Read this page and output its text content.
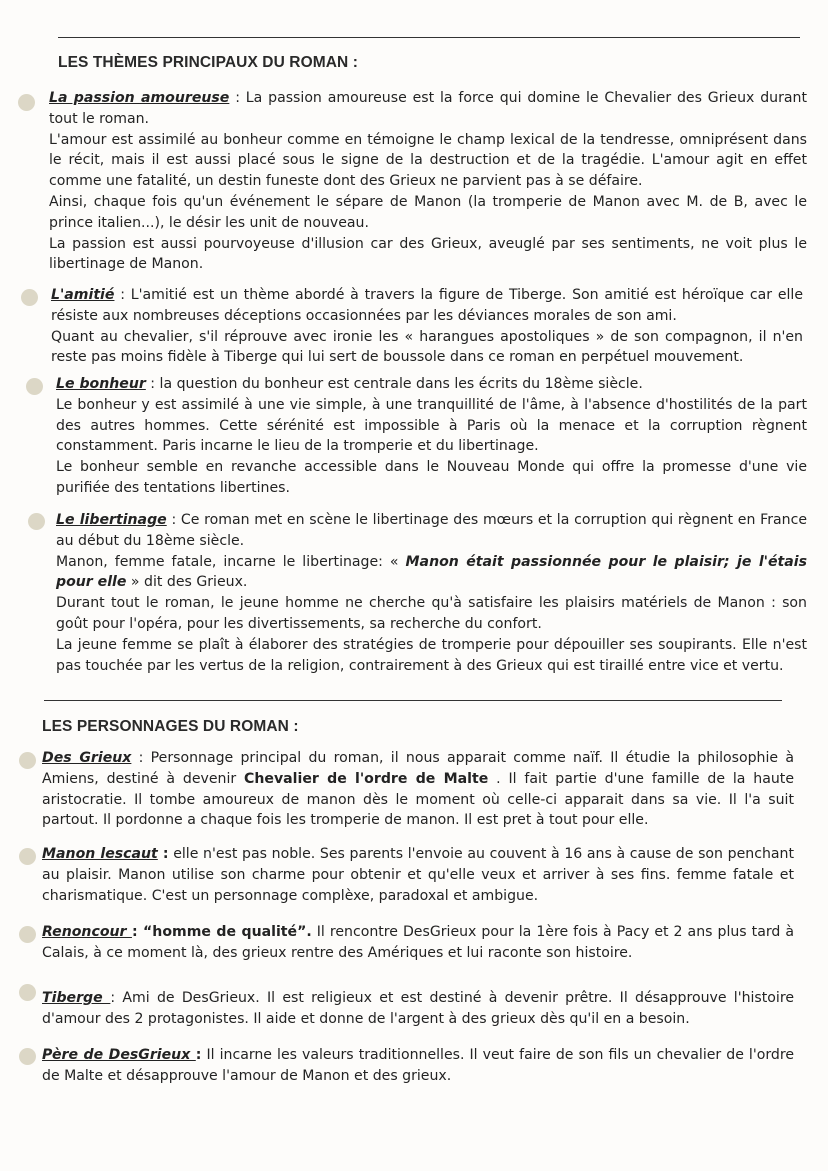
LES THÈMES PRINCIPAUX DU ROMAN :

La passion amoureuse : La passion amoureuse est la force qui domine le Chevalier des Grieux durant tout le roman.

L'amour est assimilé au bonheur comme en témoigne le champ lexical de la tendresse, omniprésent dans le récit, mais il est aussi placé sous le signe de la destruction et de la tragédie. L'amour agit en effet comme une fatalité, un destin funeste dont des Grieux ne parvient pas à se défaire.

Ainsi, chaque fois qu'un événement le sépare de Manon (la tromperie de Manon avec M. de B, avec le prince italien...), le désir les unit de nouveau.

La passion est aussi pourvoyeuse d'illusion car des Grieux, aveuglé par ses sentiments, ne voit plus le libertinage de Manon.

L'amitié : L'amitié est un thème abordé à travers la figure de Tiberge. Son amitié est héroïque car elle résiste aux nombreuses déceptions occasionnées par les déviances morales de son ami.

Quant au chevalier, s'il réprouve avec ironie les « harangues apostoliques » de son compagnon, il n'en reste pas moins fidèle à Tiberge qui lui sert de boussole dans ce roman en perpétuel mouvement.

Le bonheur : la question du bonheur est centrale dans les écrits du 18ème siècle.

Le bonheur y est assimilé à une vie simple, à une tranquillité de l'âme, à l'absence d'hostilités de la part des autres hommes. Cette sérénité est impossible à Paris où la menace et la corruption règnent constamment. Paris incarne le lieu de la tromperie et du libertinage.

Le bonheur semble en revanche accessible dans le Nouveau Monde qui offre la promesse d'une vie purifiée des tentations libertines.

Le libertinage : Ce roman met en scène le libertinage des mœurs et la corruption qui règnent en France au début du 18ème siècle.

Manon, femme fatale, incarne le libertinage: « Manon était passionnée pour le plaisir; je l'étais pour elle » dit des Grieux.

Durant tout le roman, le jeune homme ne cherche qu'à satisfaire les plaisirs matériels de Manon : son goût pour l'opéra, pour les divertissements, sa recherche du confort.

La jeune femme se plaît à élaborer des stratégies de tromperie pour dépouiller ses soupirants. Elle n'est pas touchée par les vertus de la religion, contrairement à des Grieux qui est tiraillé entre vice et vertu.

LES PERSONNAGES DU ROMAN :

Des Grieux : Personnage principal du roman, il nous apparait comme naïf. Il étudie la philosophie à Amiens, destiné à devenir Chevalier de l'ordre de Malte . Il fait partie d'une famille de la haute aristocratie. Il tombe amoureux de manon dès le moment où celle-ci apparait dans sa vie. Il l'a suit partout. Il pordonne a chaque fois les tromperie de manon. Il est pret à tout pour elle.

Manon lescaut : elle n'est pas noble. Ses parents l'envoie au couvent à 16 ans à cause de son penchant au plaisir. Manon utilise son charme pour obtenir et qu'elle veux et arriver à ses fins. femme fatale et charismatique. C'est un personnage complèxe, paradoxal et ambigue.

Renoncour : “homme de qualité”. Il rencontre DesGrieux pour la 1ère fois à Pacy et 2 ans plus tard à Calais, à ce moment là, des grieux rentre des Amériques et lui raconte son histoire.

Tiberge : Ami de DesGrieux. Il est religieux et est destiné à devenir prêtre. Il désapprouve l'histoire d'amour des 2 protagonistes. Il aide et donne de l'argent à des grieux dès qu'il en a besoin.

Père de DesGrieux : Il incarne les valeurs traditionnelles. Il veut faire de son fils un chevalier de l'ordre de Malte et désapprouve l'amour de Manon et des grieux.
